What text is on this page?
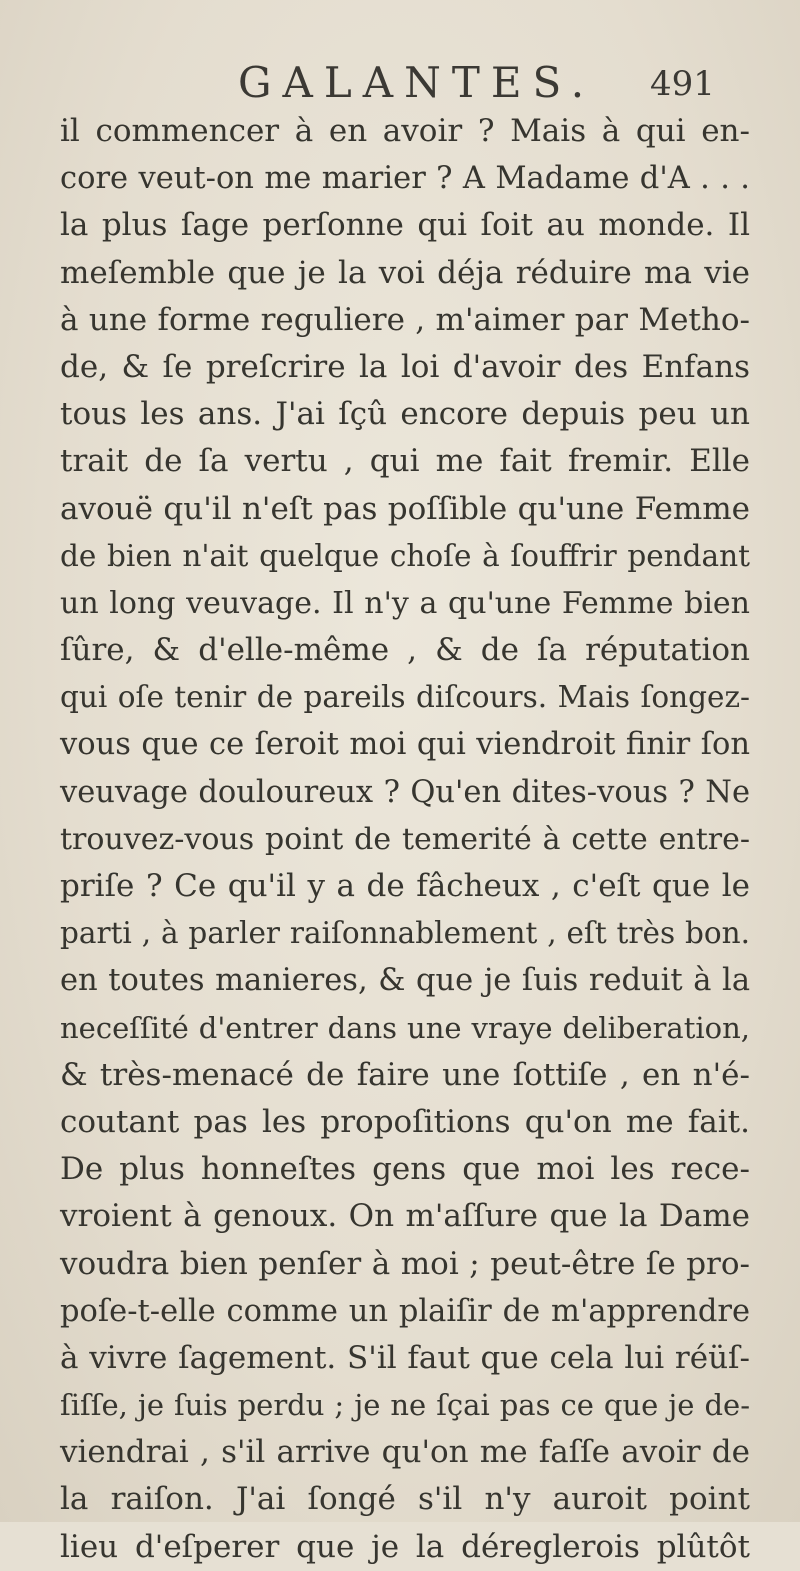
GALANTES. 491
il commencer à en avoir ? Mais à qui en-
core veut-on me marier ? A Madame d'A . . .
la plus ſage perſonne qui ſoit au monde. Il
meſemble que je la voi déja réduire ma vie
à une forme reguliere , m'aimer par Metho-
de, & ſe preſcrire la loi d'avoir des Enfans
tous les ans. J'ai ſçû encore depuis peu un
trait de ſa vertu , qui me fait fremir. Elle
avouë qu'il n'eſt pas poſſible qu'une Femme
de bien n'ait quelque choſe à ſouffrir pendant
un long veuvage. Il n'y a qu'une Femme bien
ſûre, & d'elle-même , & de ſa réputation
qui oſe tenir de pareils diſcours. Mais ſongez-
vous que ce ſeroit moi qui viendroit finir ſon
veuvage douloureux ? Qu'en dites-vous ? Ne
trouvez-vous point de temerité à cette entre-
priſe ? Ce qu'il y a de fâcheux , c'eſt que le
parti , à parler raiſonnablement , eſt très bon.
en toutes manieres, & que je ſuis reduit à la
neceſſité d'entrer dans une vraye deliberation,
& très-menacé de faire une ſottiſe , en n'é-
coutant pas les propoſitions qu'on me fait.
De plus honneſtes gens que moi les rece-
vroient à genoux. On m'aſſure que la Dame
voudra bien penſer à moi ; peut-être ſe pro-
poſe-t-elle comme un plaiſir de m'apprendre
à vivre ſagement. S'il faut que cela lui réüſ-
ſiſſe, je ſuis perdu ; je ne ſçai pas ce que je de-
viendrai , s'il arrive qu'on me faſſe avoir de
la raiſon. J'ai ſongé s'il n'y auroit point
lieu d'eſperer que je la déreglerois plûtôt
